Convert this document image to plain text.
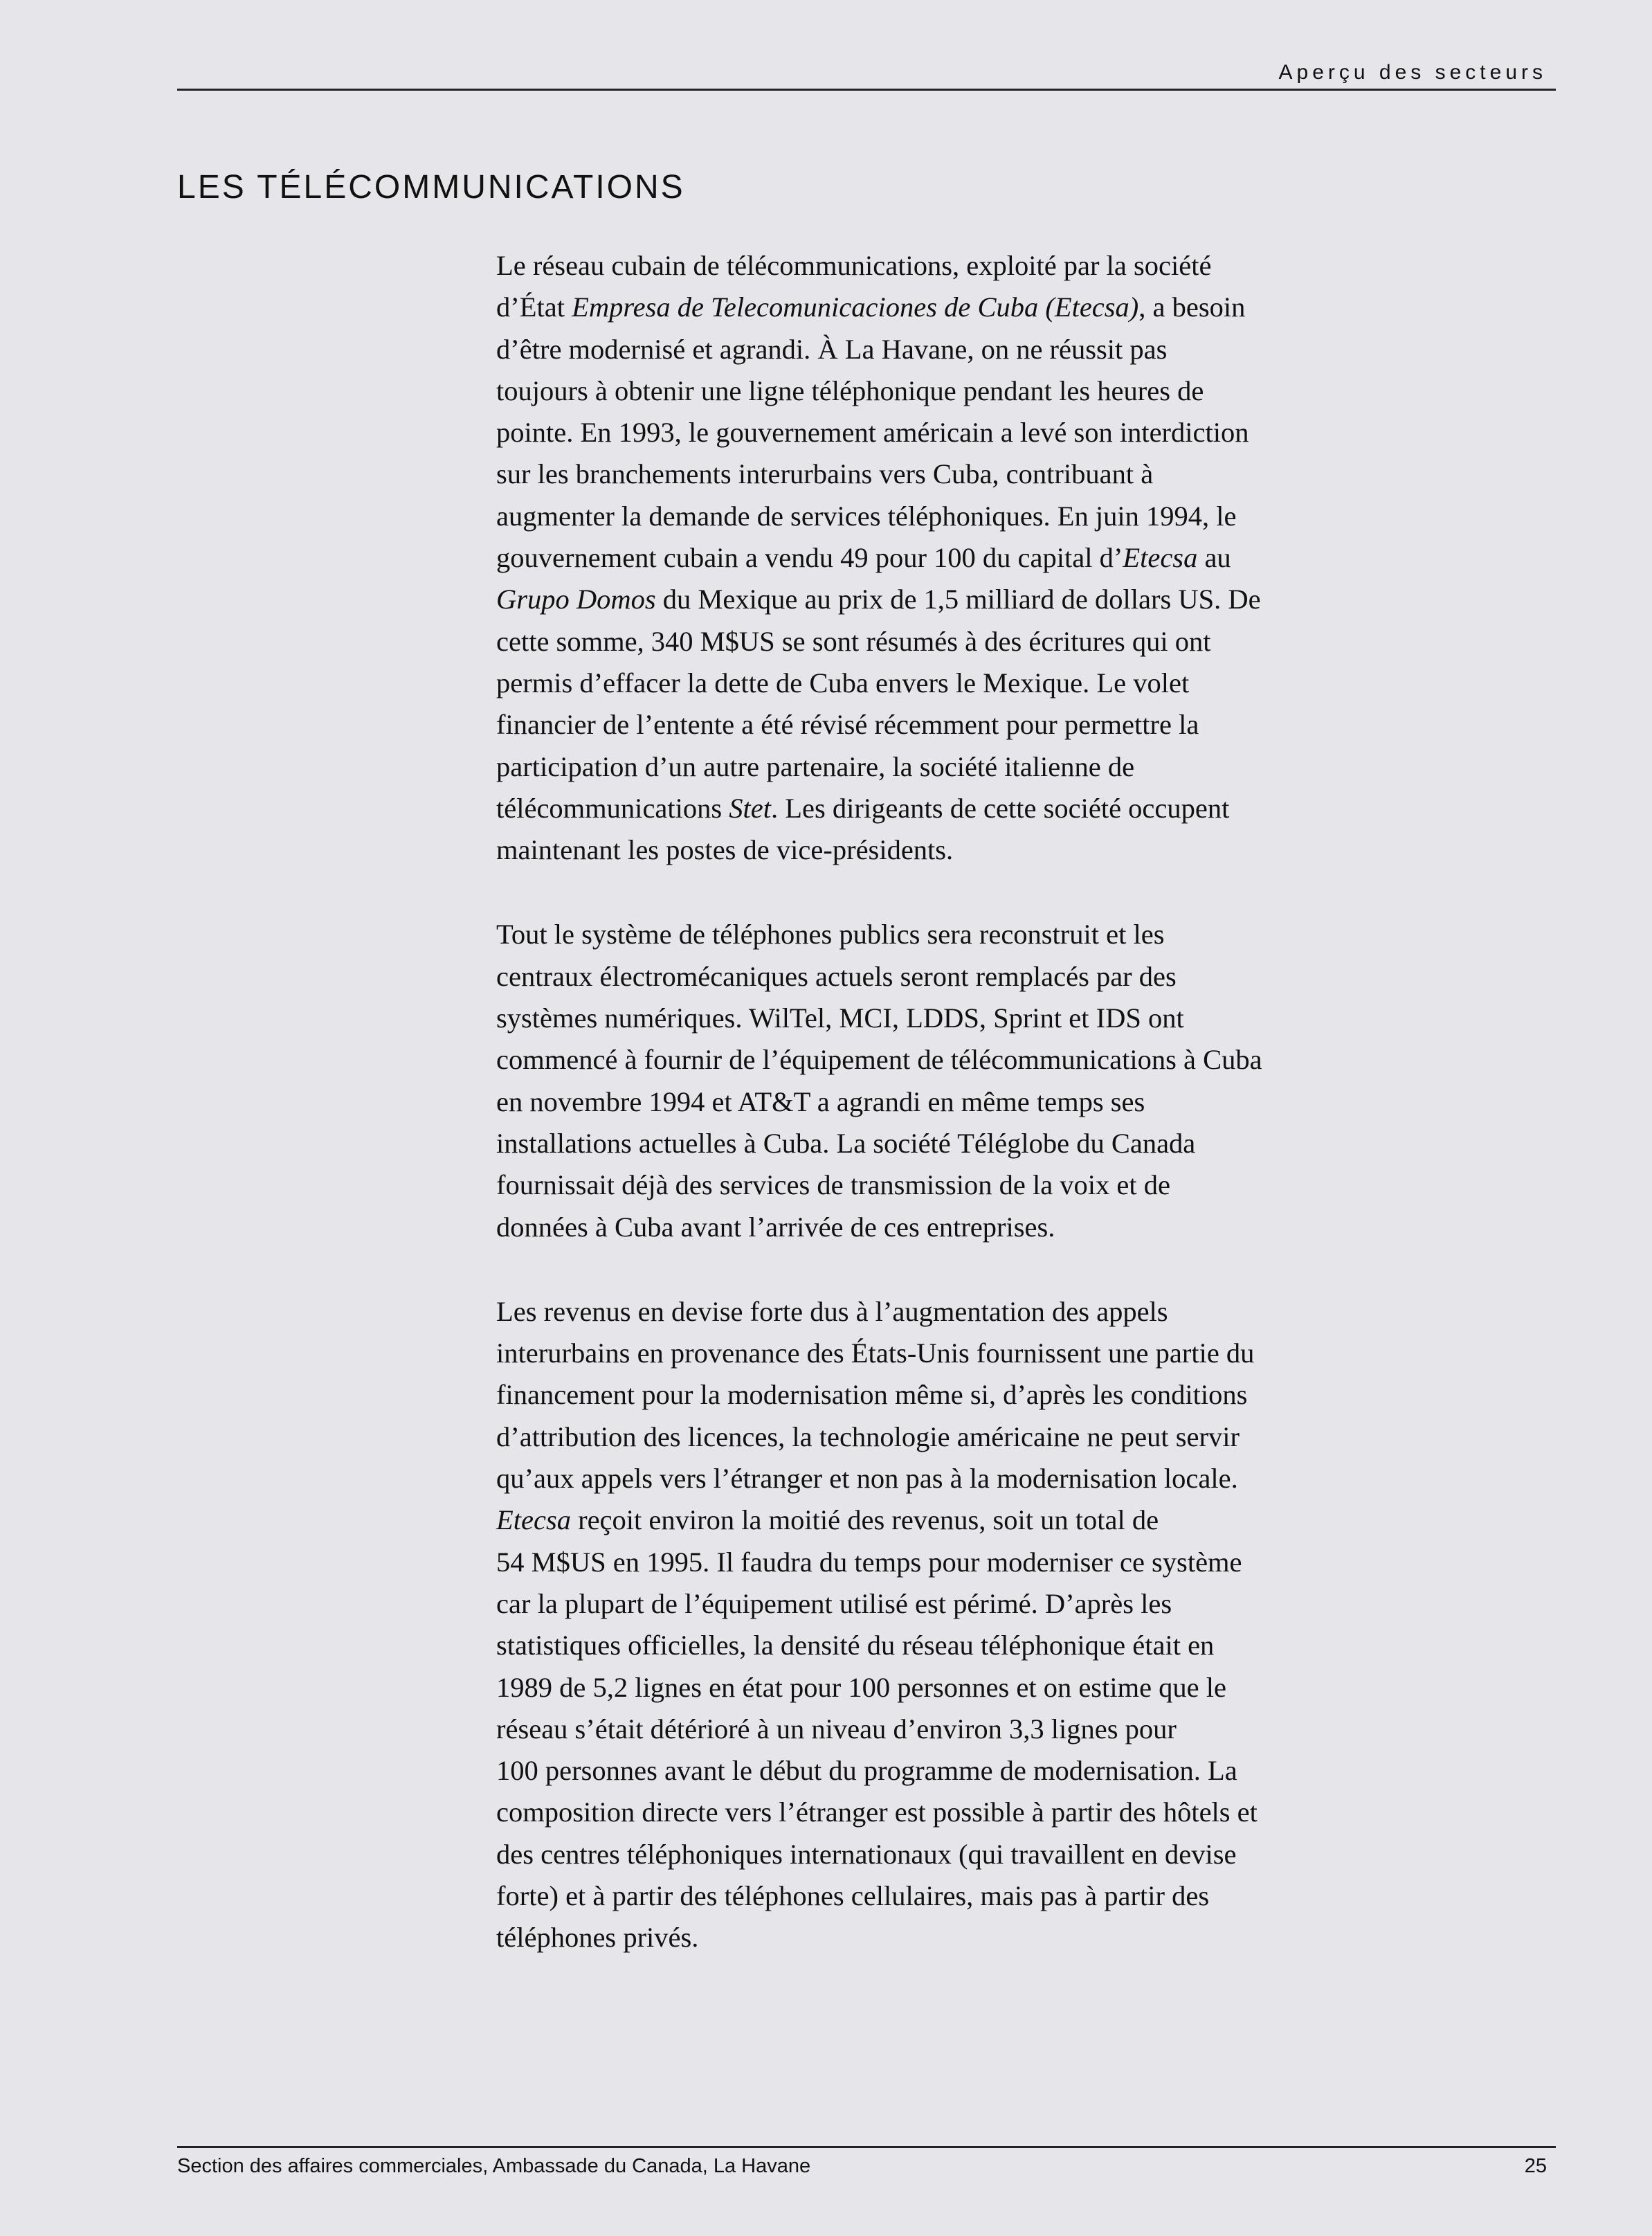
Aperçu des secteurs

LES TÉLÉCOMMUNICATIONS

Le réseau cubain de télécommunications, exploité par la société
d’État Empresa de Telecomunicaciones de Cuba (Etecsa), a besoin
d’être modernisé et agrandi. À La Havane, on ne réussit pas
toujours à obtenir une ligne téléphonique pendant les heures de
pointe. En 1993, le gouvernement américain a levé son interdiction
sur les branchements interurbains vers Cuba, contribuant à
augmenter la demande de services téléphoniques. En juin 1994, le
gouvernement cubain a vendu 49 pour 100 du capital d’Etecsa au
Grupo Domos du Mexique au prix de 1,5 milliard de dollars US. De
cette somme, 340 M$US se sont résumés à des écritures qui ont
permis d’effacer la dette de Cuba envers le Mexique. Le volet
financier de l’entente a été révisé récemment pour permettre la
participation d’un autre partenaire, la société italienne de
télécommunications Stet. Les dirigeants de cette société occupent
maintenant les postes de vice-présidents.

Tout le système de téléphones publics sera reconstruit et les
centraux électromécaniques actuels seront remplacés par des
systèmes numériques. WilTel, MCI, LDDS, Sprint et IDS ont
commencé à fournir de l’équipement de télécommunications à Cuba
en novembre 1994 et AT&T a agrandi en même temps ses
installations actuelles à Cuba. La société Téléglobe du Canada
fournissait déjà des services de transmission de la voix et de
données à Cuba avant l’arrivée de ces entreprises.

Les revenus en devise forte dus à l’augmentation des appels
interurbains en provenance des États-Unis fournissent une partie du
financement pour la modernisation même si, d’après les conditions
d’attribution des licences, la technologie américaine ne peut servir
qu’aux appels vers l’étranger et non pas à la modernisation locale.
Etecsa reçoit environ la moitié des revenus, soit un total de
54 M$US en 1995. Il faudra du temps pour moderniser ce système
car la plupart de l’équipement utilisé est périmé. D’après les
statistiques officielles, la densité du réseau téléphonique était en
1989 de 5,2 lignes en état pour 100 personnes et on estime que le
réseau s’était détérioré à un niveau d’environ 3,3 lignes pour
100 personnes avant le début du programme de modernisation. La
composition directe vers l’étranger est possible à partir des hôtels et
des centres téléphoniques internationaux (qui travaillent en devise
forte) et à partir des téléphones cellulaires, mais pas à partir des
téléphones privés.

Section des affaires commerciales, Ambassade du Canada, La Havane	25
